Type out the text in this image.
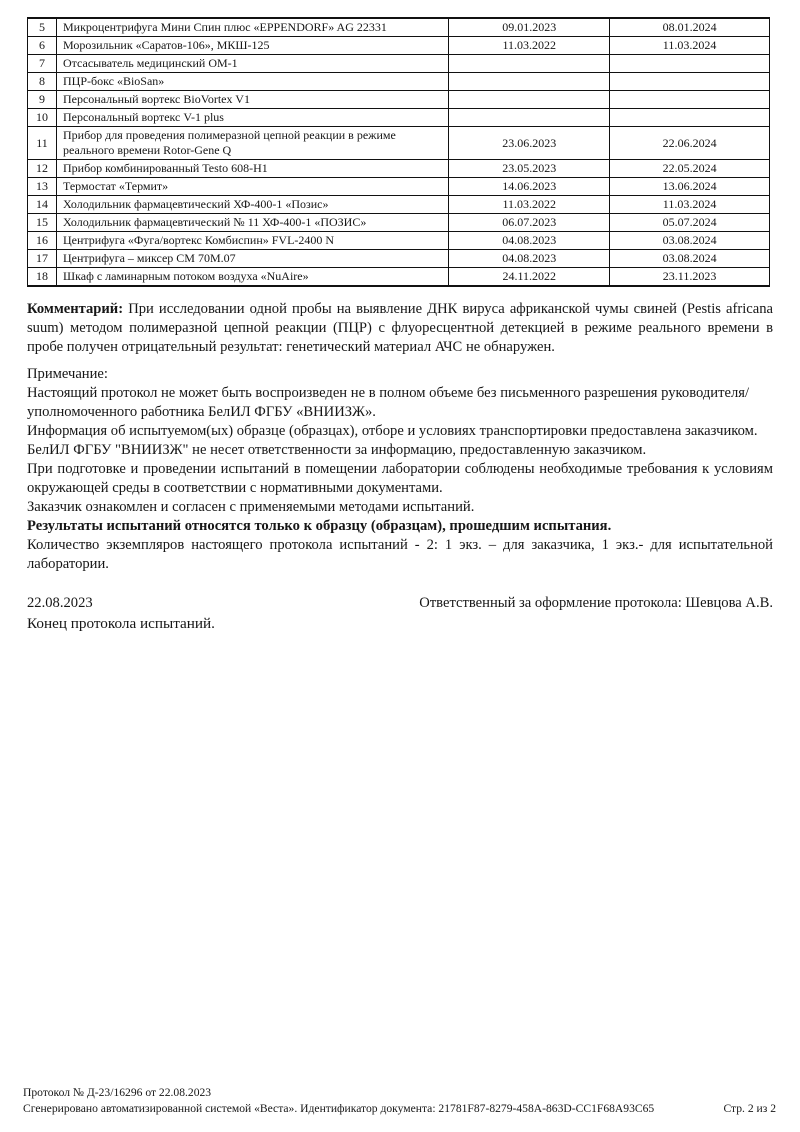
5	Микроцентрифуга Мини Спин плюс «EPPENDORF» AG 22331	09.01.2023	08.01.2024
6	Морозильник «Саратов-106», МКШ-125	11.03.2022	11.03.2024
7	Отсасыватель медицинский ОМ-1		
8	ПЦР-бокс «BioSan»		
9	Персональный вортекс BioVortex V1		
10	Персональный вортекс V-1 plus		
11	Прибор для проведения полимеразной цепной реакции в режиме реального времени Rotor-Gene Q	23.06.2023	22.06.2024
12	Прибор комбинированный Testo 608-H1	23.05.2023	22.05.2024
13	Термостат «Термит»	14.06.2023	13.06.2024
14	Холодильник фармацевтический ХФ-400-1 «Позис»	11.03.2022	11.03.2024
15	Холодильник фармацевтический № 11 ХФ-400-1 «ПОЗИС»	06.07.2023	05.07.2024
16	Центрифуга «Фуга/вортекс Комбиспин» FVL-2400 N	04.08.2023	03.08.2024
17	Центрифуга – миксер СМ 70М.07	04.08.2023	03.08.2024
18	Шкаф с ламинарным потоком воздуха «NuAire»	24.11.2022	23.11.2023

Комментарий: При исследовании одной пробы на выявление ДНК вируса африканской чумы свиней (Pestis africana suum) методом полимеразной цепной реакции (ПЦР) с флуоресцентной детекцией в режиме реального времени в пробе получен отрицательный результат: генетический материал АЧС не обнаружен.

Примечание:
Настоящий протокол не может быть воспроизведен не в полном объеме без письменного разрешения руководителя/уполномоченного работника БелИЛ ФГБУ «ВНИИЗЖ».
Информация об испытуемом(ых) образце (образцах), отборе и условиях транспортировки предоставлена заказчиком.
БелИЛ ФГБУ "ВНИИЗЖ" не несет ответственности за информацию, предоставленную заказчиком.
При подготовке и проведении испытаний в помещении лаборатории соблюдены необходимые требования к условиям окружающей среды в соответствии с нормативными документами.
Заказчик ознакомлен и согласен с применяемыми методами испытаний.
Результаты испытаний относятся только к образцу (образцам), прошедшим испытания.
Количество экземпляров настоящего протокола испытаний - 2: 1 экз. – для заказчика, 1 экз.- для испытательной лаборатории.
22.08.2023	Ответственный за оформление протокола: Шевцова А.В.
Конец протокола испытаний.
Протокол № Д-23/16296 от 22.08.2023
Сгенерировано автоматизированной системой «Веста». Идентификатор документа: 21781F87-8279-458A-863D-CC1F68A93C65	Стр. 2 из 2
